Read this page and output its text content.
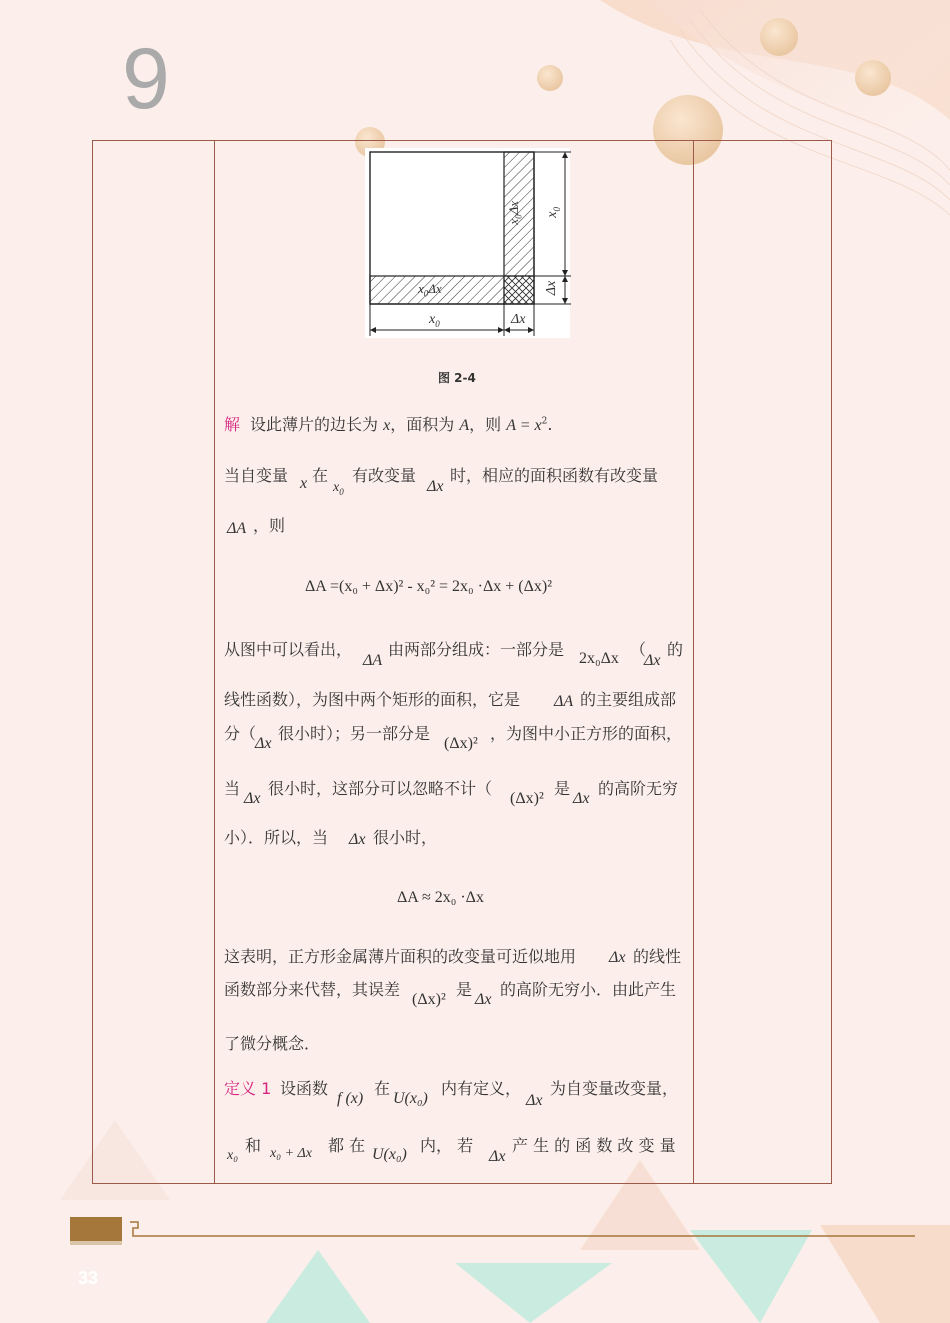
9
$x_0$	Δx
$x_0\Delta x$
$x_0$
Δx
$x_0\Delta x$
图 2-4
解 设此薄片的边长为 x，面积为 A，则 $A = x^2$.
当自变量 x 在
$x_0$
有改变量
Δx
时，相应的面积函数有改变量
ΔA ，则
ΔA =(x₀ + Δx)² - x₀² = 2x₀ ·Δx + (Δx)²
从图中可以看出，
ΔA
由两部分组成：一部分是 2x₀Δx （
Δx
的
线性函数），为图中两个矩形的面积，它是 ΔA 的主要组成部
分（
Δx
很小时）；另一部分是
(Δx)²
，为图中小正方形的面积，
当
Δx
很小时，这部分可以忽略不计（
(Δx)²
是
Δx
的高阶无穷
小）．所以，当 Δx 很小时，
ΔA ≈ 2x₀ ·Δx
这表明，正方形金属薄片面积的改变量可近似地用 Δx 的线性
函数部分来代替，其误差
(Δx)²
是
Δx
的高阶无穷小．由此产生
了微分概念．
定义 1 设函数
f (x)
在
U(x₀)
内有定义，
Δx
为自变量改变量，
x₀
和 x₀ + Δx 都 在 U(x₀) 内， 若
Δx
产 生 的 函 数 改 变 量
33
